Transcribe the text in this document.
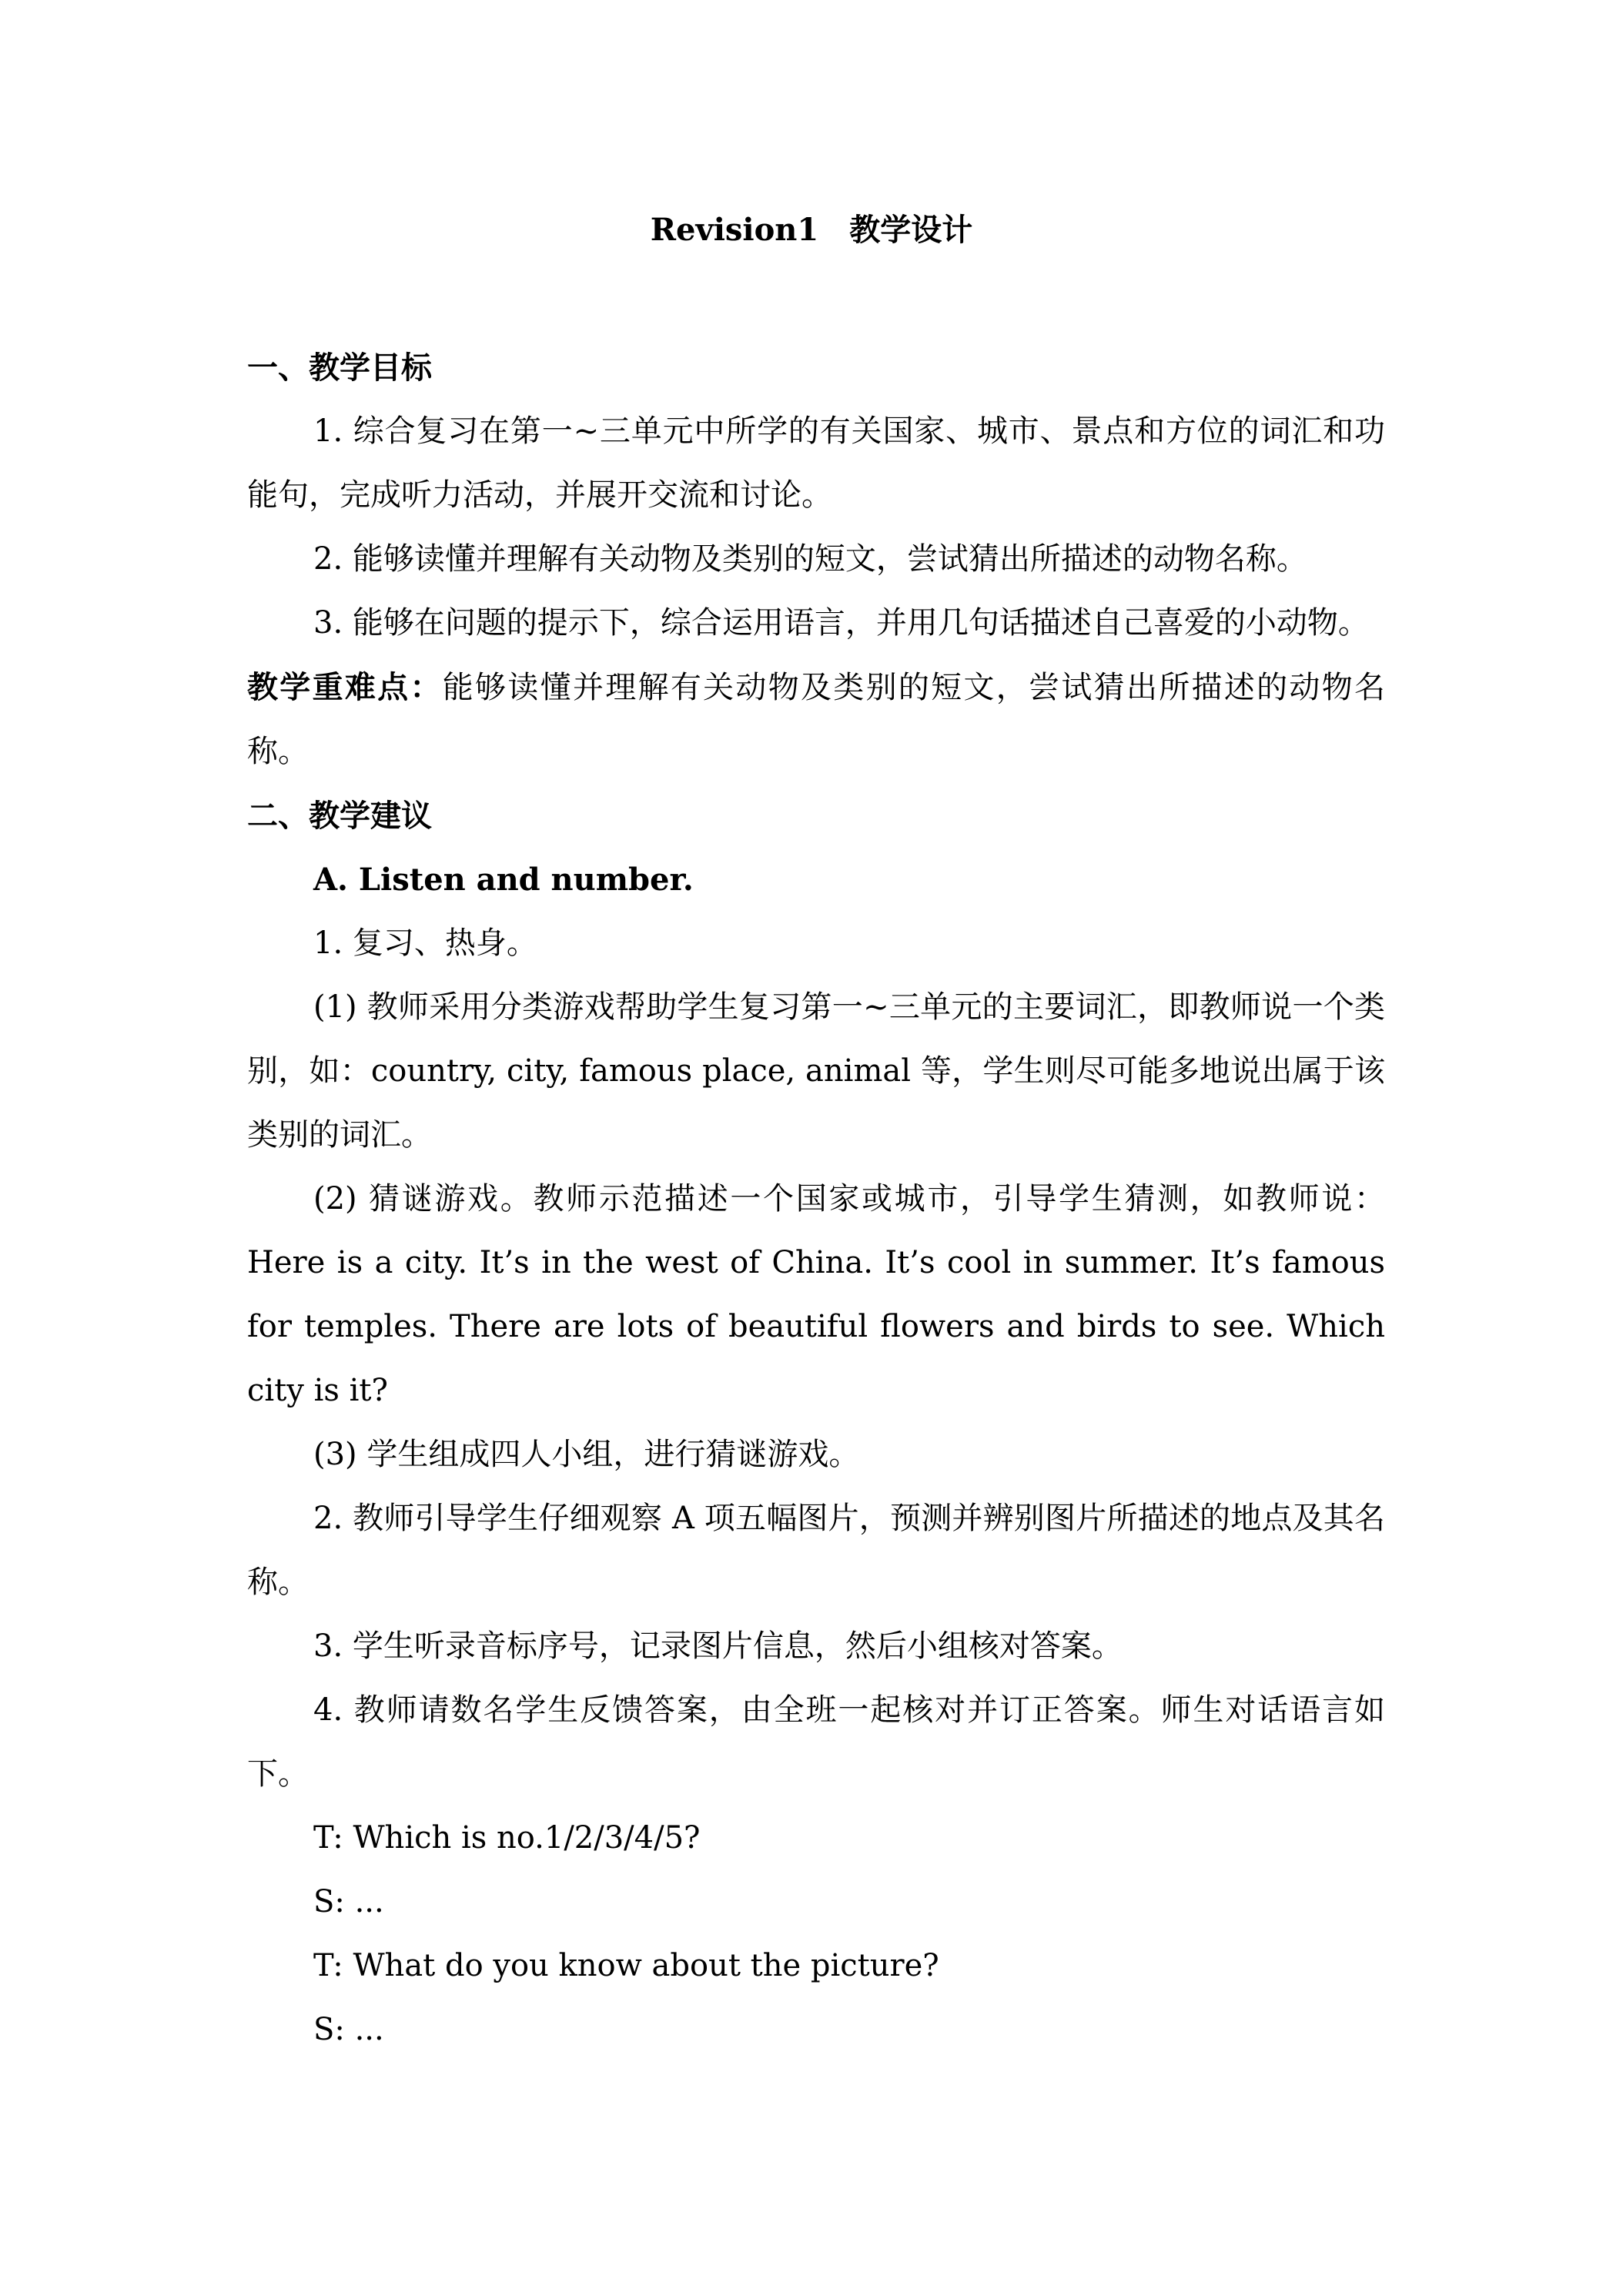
Revision1　教学设计
一、教学目标
1. 综合复习在第一~三单元中所学的有关国家、城市、景点和方位的词汇和功能句，完成听力活动，并展开交流和讨论。
2. 能够读懂并理解有关动物及类别的短文，尝试猜出所描述的动物名称。
3. 能够在问题的提示下，综合运用语言，并用几句话描述自己喜爱的小动物。
教学重难点：能够读懂并理解有关动物及类别的短文，尝试猜出所描述的动物名称。
二、教学建议
A. Listen and number.
1. 复习、热身。
(1) 教师采用分类游戏帮助学生复习第一~三单元的主要词汇，即教师说一个类别，如：country, city, famous place, animal 等，学生则尽可能多地说出属于该类别的词汇。
(2) 猜谜游戏。教师示范描述一个国家或城市，引导学生猜测，如教师说：Here is a city. It’s in the west of China. It’s cool in summer. It’s famous for temples. There are lots of beautiful flowers and birds to see. Which city is it?
(3) 学生组成四人小组，进行猜谜游戏。
2. 教师引导学生仔细观察 A 项五幅图片，预测并辨别图片所描述的地点及其名称。
3. 学生听录音标序号，记录图片信息，然后小组核对答案。
4. 教师请数名学生反馈答案，由全班一起核对并订正答案。师生对话语言如下。
T: Which is no.1/2/3/4/5?
S: ...
T: What do you know about the picture?
S: ...
